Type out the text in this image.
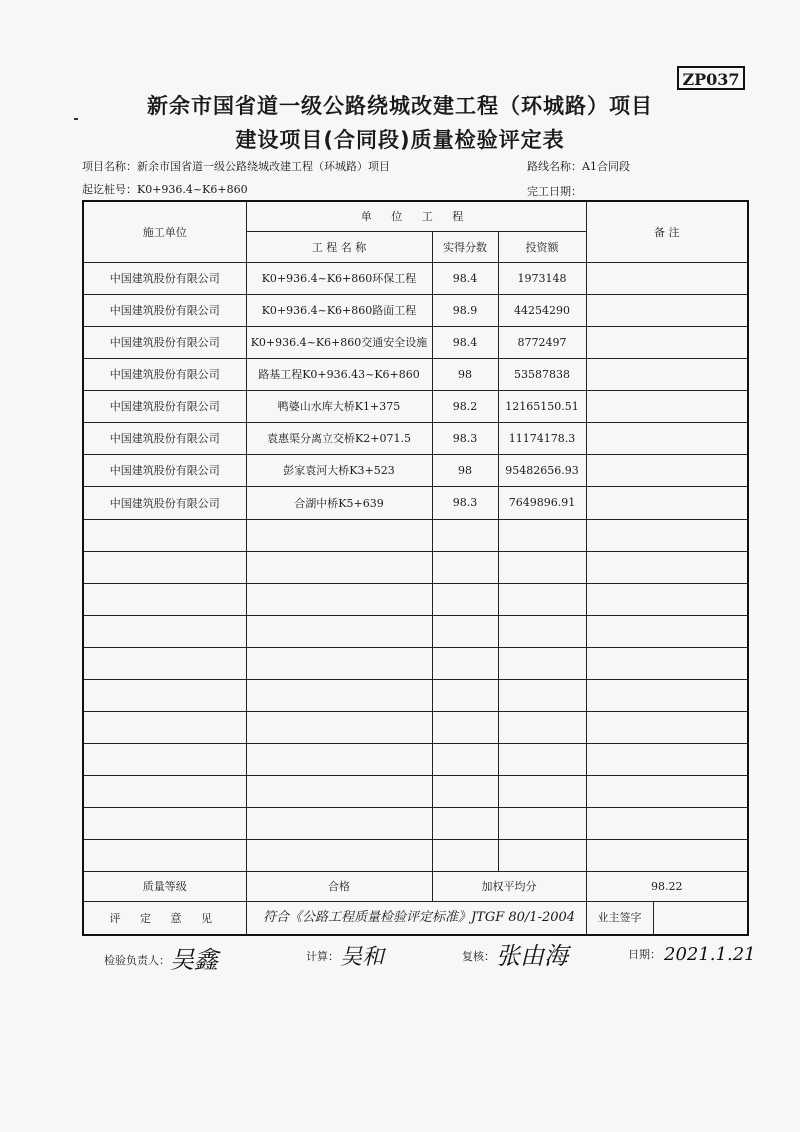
ZP037
新余市国省道一级公路绕城改建工程（环城路）项目
建设项目(合同段)质量检验评定表
项目名称：新余市国省道一级公路绕城改建工程（环城路）项目	路线名称：A1合同段
起讫桩号：K0+936.4~K6+860	完工日期：
施工单位	单 位 工 程			备 注
	工 程 名 称	实得分数	投资额	
中国建筑股份有限公司	K0+936.4~K6+860环保工程	98.4	1973148	
中国建筑股份有限公司	K0+936.4~K6+860路面工程	98.9	44254290	
中国建筑股份有限公司	K0+936.4~K6+860交通安全设施	98.4	8772497	
中国建筑股份有限公司	路基工程K0+936.43~K6+860	98	53587838	
中国建筑股份有限公司	鸭婆山水库大桥K1+375	98.2	12165150.51	
中国建筑股份有限公司	袁惠渠分离立交桥K2+071.5	98.3	11174178.3	
中国建筑股份有限公司	彭家袁河大桥K3+523	98	95482656.93	
中国建筑股份有限公司	合湖中桥K5+639	98.3	7649896.91	

质量等级	合格	加权平均分		98.22
评 定 意 见	符合《公路工程质量检验评定标准》JTGF 80/1-2004			业主签字
检验负责人： 吴鑫	计算： 吴和	复核： 张由海	日期： 2021.1.21
